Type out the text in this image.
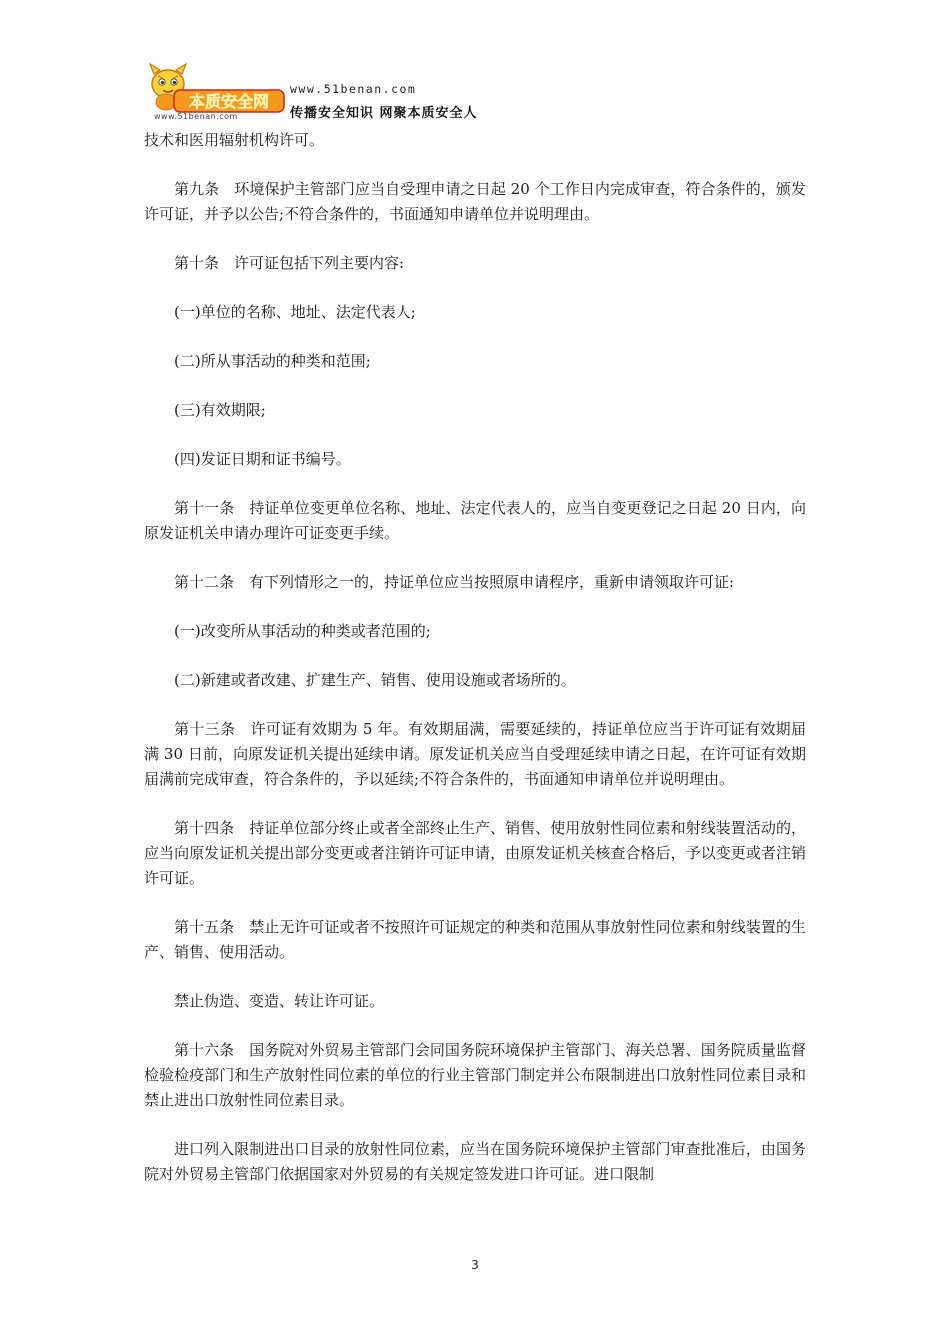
本质安全网
www.51benan.com
www.51benan.com
传播安全知识 网聚本质安全人

技术和医用辐射机构许可。

第九条　环境保护主管部门应当自受理申请之日起 20 个工作日内完成审查，符合条件的，颁发许可证，并予以公告;不符合条件的，书面通知申请单位并说明理由。

第十条　许可证包括下列主要内容:

(一)单位的名称、地址、法定代表人;

(二)所从事活动的种类和范围;

(三)有效期限;

(四)发证日期和证书编号。

第十一条　持证单位变更单位名称、地址、法定代表人的，应当自变更登记之日起 20 日内，向原发证机关申请办理许可证变更手续。

第十二条　有下列情形之一的，持证单位应当按照原申请程序，重新申请领取许可证:

(一)改变所从事活动的种类或者范围的;

(二)新建或者改建、扩建生产、销售、使用设施或者场所的。

第十三条　许可证有效期为 5 年。有效期届满，需要延续的，持证单位应当于许可证有效期届满 30 日前，向原发证机关提出延续申请。原发证机关应当自受理延续申请之日起，在许可证有效期届满前完成审查，符合条件的，予以延续;不符合条件的，书面通知申请单位并说明理由。

第十四条　持证单位部分终止或者全部终止生产、销售、使用放射性同位素和射线装置活动的，应当向原发证机关提出部分变更或者注销许可证申请，由原发证机关核查合格后，予以变更或者注销许可证。

第十五条　禁止无许可证或者不按照许可证规定的种类和范围从事放射性同位素和射线装置的生产、销售、使用活动。

禁止伪造、变造、转让许可证。

第十六条　国务院对外贸易主管部门会同国务院环境保护主管部门、海关总署、国务院质量监督检验检疫部门和生产放射性同位素的单位的行业主管部门制定并公布限制进出口放射性同位素目录和禁止进出口放射性同位素目录。

进口列入限制进出口目录的放射性同位素，应当在国务院环境保护主管部门审查批准后，由国务院对外贸易主管部门依据国家对外贸易的有关规定签发进口许可证。进口限制

3
